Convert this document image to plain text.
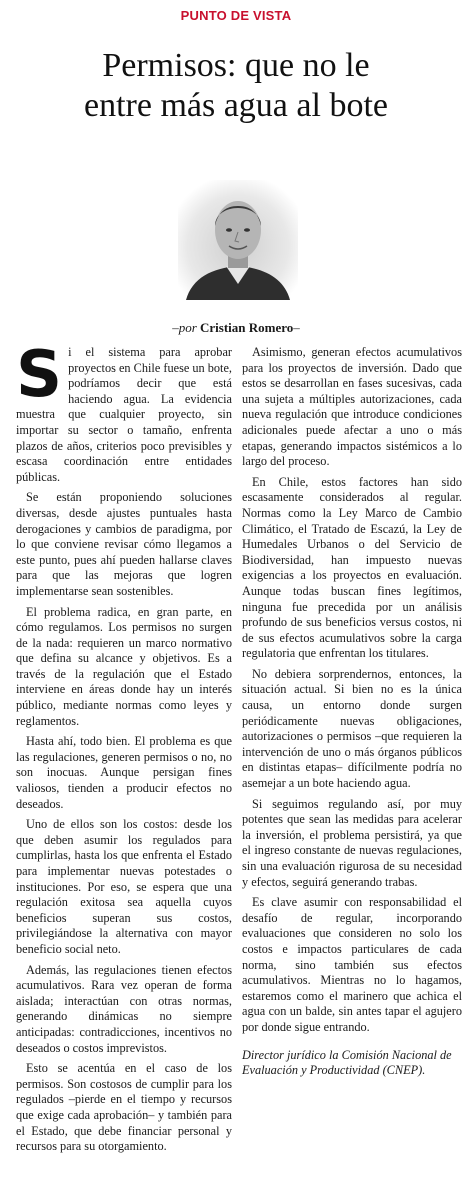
PUNTO DE VISTA
Permisos: que no le
entre más agua al bote
–por Cristian Romero–

Si el sistema para aprobar proyectos en Chile fuese un bote, podríamos decir que está haciendo agua. La evidencia muestra que cualquier proyecto, sin importar su sector o tamaño, enfrenta plazos de años, criterios poco previsibles y escasa coordinación entre entidades públicas.

Se están proponiendo soluciones diversas, desde ajustes puntuales hasta derogaciones y cambios de paradigma, por lo que conviene revisar cómo llegamos a este punto, pues ahí pueden hallarse claves para que las mejoras que logren implementarse sean sostenibles.

El problema radica, en gran parte, en cómo regulamos. Los permisos no surgen de la nada: requieren un marco normativo que defina su alcance y objetivos. Es a través de la regulación que el Estado interviene en áreas donde hay un interés público, mediante normas como leyes y reglamentos.

Hasta ahí, todo bien. El problema es que las regulaciones, generen permisos o no, no son inocuas. Aunque persigan fines valiosos, tienden a producir efectos no deseados.

Uno de ellos son los costos: desde los que deben asumir los regulados para cumplirlas, hasta los que enfrenta el Estado para implementar nuevas potestades o instituciones. Por eso, se espera que una regulación exitosa sea aquella cuyos beneficios superan sus costos, privilegiándose la alternativa con mayor beneficio social neto.

Además, las regulaciones tienen efectos acumulativos. Rara vez operan de forma aislada; interactúan con otras normas, generando dinámicas no siempre anticipadas: contradicciones, incentivos no deseados o costos imprevistos.

Esto se acentúa en el caso de los permisos. Son costosos de cumplir para los regulados –pierde en el tiempo y recursos que exige cada aprobación– y también para el Estado, que debe financiar personal y recursos para su otorgamiento.

Asimismo, generan efectos acumulativos para los proyectos de inversión. Dado que estos se desarrollan en fases sucesivas, cada una sujeta a múltiples autorizaciones, cada nueva regulación que introduce condiciones adicionales puede afectar a uno o más etapas, generando impactos sistémicos a lo largo del proceso.

En Chile, estos factores han sido escasamente considerados al regular. Normas como la Ley Marco de Cambio Climático, el Tratado de Escazú, la Ley de Humedales Urbanos o del Servicio de Biodiversidad, han impuesto nuevas exigencias a los proyectos en evaluación. Aunque todas buscan fines legítimos, ninguna fue precedida por un análisis profundo de sus beneficios versus costos, ni de sus efectos acumulativos sobre la carga regulatoria que enfrentan los titulares.

No debiera sorprendernos, entonces, la situación actual. Si bien no es la única causa, un entorno donde surgen periódicamente nuevas obligaciones, autorizaciones o permisos –que requieren la intervención de uno o más órganos públicos en distintas etapas– difícilmente podría no asemejar a un bote haciendo agua.

Si seguimos regulando así, por muy potentes que sean las medidas para acelerar la inversión, el problema persistirá, ya que el ingreso constante de nuevas regulaciones, sin una evaluación rigurosa de su necesidad y efectos, seguirá generando trabas.

Es clave asumir con responsabilidad el desafío de regular, incorporando evaluaciones que consideren no solo los costos e impactos particulares de cada norma, sino también sus efectos acumulativos. Mientras no lo hagamos, estaremos como el marinero que achica el agua con un balde, sin antes tapar el agujero por donde sigue entrando.

Director jurídico la Comisión Nacional de Evaluación y Productividad (CNEP).
